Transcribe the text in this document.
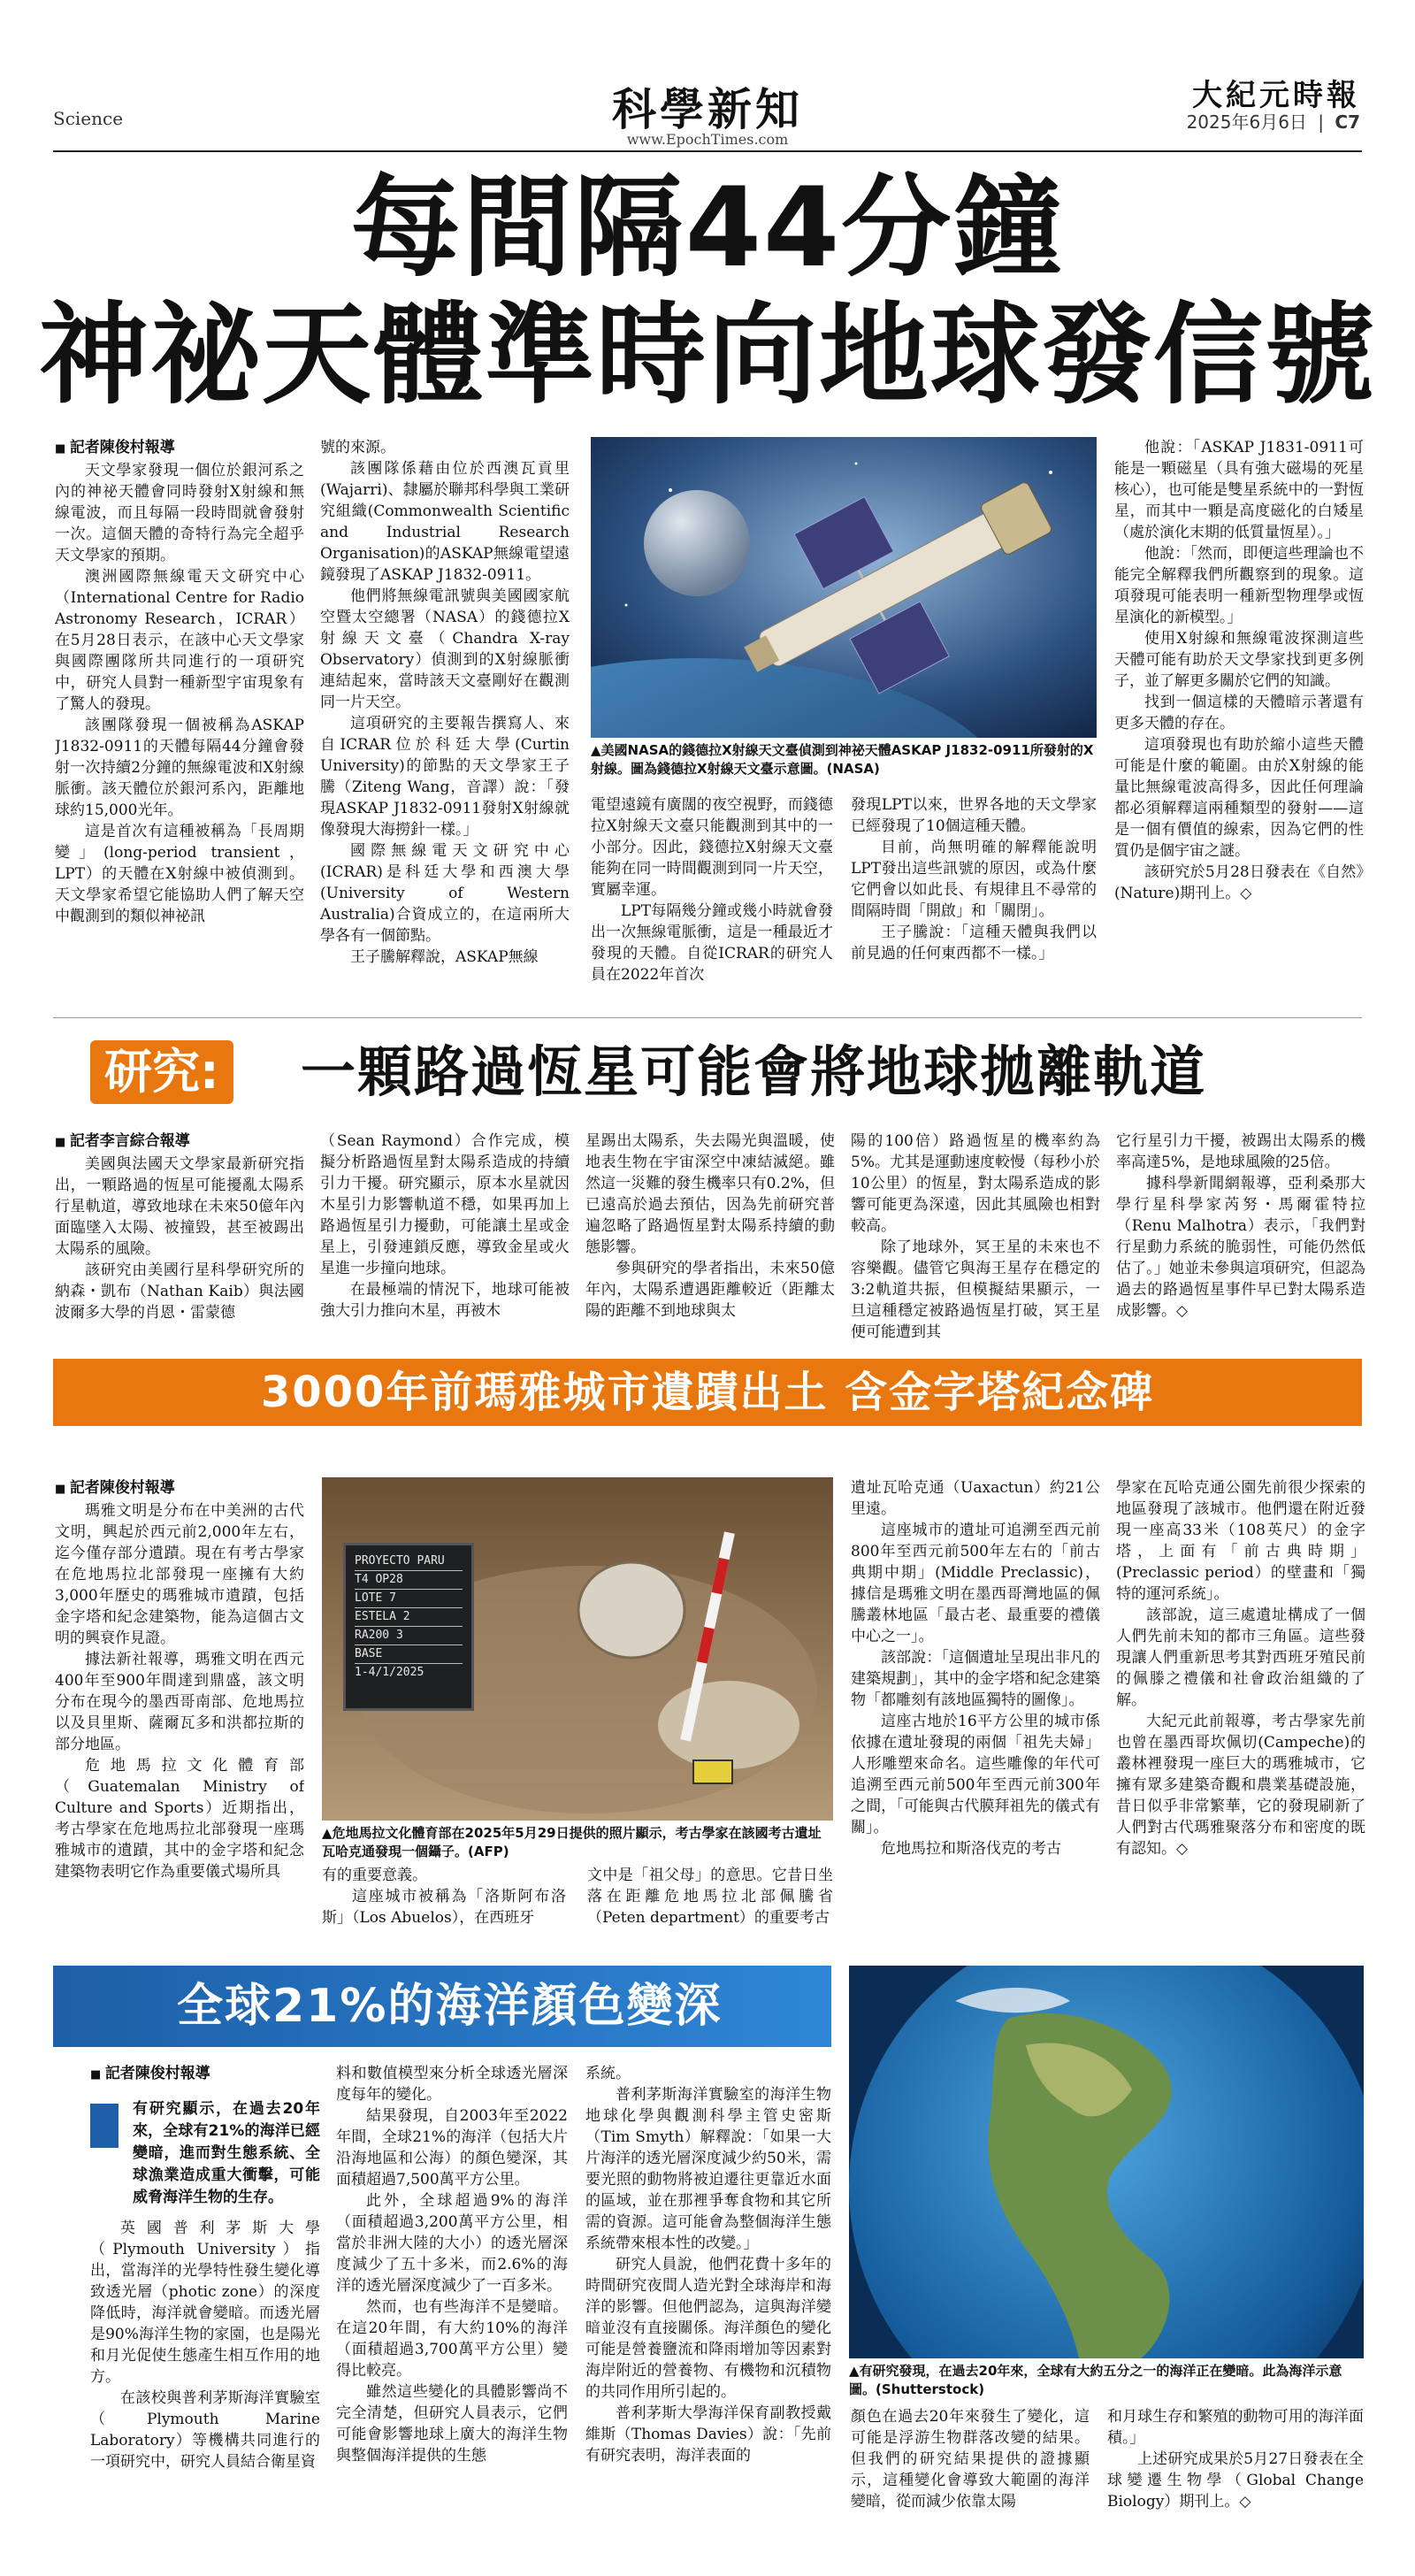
Science	科學新知
www.EpochTimes.com
大紀元時報
2025年6月6日 | C7
每間隔44分鐘
神祕天體準時向地球發信號

■ 記者陳俊村報導

天文學家發現一個位於銀河系之內的神祕天體會同時發射X射線和無線電波，而且每隔一段時間就會發射一次。這個天體的奇特行為完全超乎天文學家的預期。

澳洲國際無線電天文研究中心（International Centre for Radio Astronomy Research，ICRAR）在5月28日表示，在該中心天文學家與國際團隊所共同進行的一項研究中，研究人員對一種新型宇宙現象有了驚人的發現。

該團隊發現一個被稱為ASKAP J1832-0911的天體每隔44分鐘會發射一次持續2分鐘的無線電波和X射線脈衝。該天體位於銀河系內，距離地球約15,000光年。

這是首次有這種被稱為「長周期變」(long-period transient，LPT）的天體在X射線中被偵測到。天文學家希望它能協助人們了解天空中觀測到的類似神祕訊

號的來源。

該團隊係藉由位於西澳瓦貢里(Wajarri)、隸屬於聯邦科學與工業研究組織(Commonwealth Scientific and Industrial Research Organisation)的ASKAP無線電望遠鏡發現了ASKAP J1832-0911。

他們將無線電訊號與美國國家航空暨太空總署（NASA）的錢德拉X射線天文臺（Chandra X-ray Observatory）偵測到的X射線脈衝連結起來，當時該天文臺剛好在觀測同一片天空。

這項研究的主要報告撰寫人、來自ICRAR位於科廷大學(Curtin University)的節點的天文學家王子騰（Ziteng Wang，音譯）說：「發現ASKAP J1832-0911發射X射線就像發現大海撈針一樣。」

國際無線電天文研究中心(ICRAR)是科廷大學和西澳大學(University of Western Australia)合資成立的，在這兩所大學各有一個節點。

王子騰解釋說，ASKAP無線

▲ 美國NASA的錢德拉X射線天文臺偵測到神祕天體ASKAP J1832-0911所發射的X射線。圖為錢德拉X射線天文臺示意圖。(NASA)

電望遠鏡有廣闊的夜空視野，而錢德拉X射線天文臺只能觀測到其中的一小部分。因此，錢德拉X射線天文臺能夠在同一時間觀測到同一片天空，實屬幸運。

LPT每隔幾分鐘或幾小時就會發出一次無線電脈衝，這是一種最近才發現的天體。自從ICRAR的研究人員在2022年首次

發現LPT以來，世界各地的天文學家已經發現了10個這種天體。

目前，尚無明確的解釋能說明LPT發出這些訊號的原因，或為什麼它們會以如此長、有規律且不尋常的間隔時間「開啟」和「關閉」。

王子騰說：「這種天體與我們以前見過的任何東西都不一樣。」

他說：「ASKAP J1831-0911可能是一顆磁星（具有強大磁場的死星核心），也可能是雙星系統中的一對恆星，而其中一顆是高度磁化的白矮星（處於演化末期的低質量恆星）。」

他說：「然而，即便這些理論也不能完全解釋我們所觀察到的現象。這項發現可能表明一種新型物理學或恆星演化的新模型。」

使用X射線和無線電波探測這些天體可能有助於天文學家找到更多例子，並了解更多關於它們的知識。

找到一個這樣的天體暗示著還有更多天體的存在。

這項發現也有助於縮小這些天體可能是什麼的範圍。由於X射線的能量比無線電波高得多，因此任何理論都必須解釋這兩種類型的發射——這是一個有價值的線索，因為它們的性質仍是個宇宙之謎。

該研究於5月28日發表在《自然》(Nature)期刊上。◇

研究: 一顆路過恆星可能會將地球拋離軌道

■ 記者李言綜合報導

美國與法國天文學家最新研究指出，一顆路過的恆星可能擾亂太陽系行星軌道，導致地球在未來50億年內面臨墜入太陽、被撞毀，甚至被踢出太陽系的風險。

該研究由美國行星科學研究所的納森・凱布（Nathan Kaib）與法國波爾多大學的肖恩・雷蒙德

（Sean Raymond）合作完成，模擬分析路過恆星對太陽系造成的持續引力干擾。研究顯示，原本水星就因木星引力影響軌道不穩，如果再加上路過恆星引力擾動，可能讓土星或金星上，引發連鎖反應，導致金星或火星進一步撞向地球。

在最極端的情況下，地球可能被強大引力推向木星，再被木

星踢出太陽系，失去陽光與溫暖，使地表生物在宇宙深空中凍結滅絕。雖然這一災難的發生機率只有0.2%，但已遠高於過去預估，因為先前研究普遍忽略了路過恆星對太陽系持續的動態影響。

參與研究的學者指出，未來50億年內，太陽系遭遇距離較近（距離太陽的距離不到地球與太

陽的100倍）路過恆星的機率約為5%。尤其是運動速度較慢（每秒小於10公里）的恆星，對太陽系造成的影響可能更為深遠，因此其風險也相對較高。

除了地球外，冥王星的未來也不容樂觀。儘管它與海王星存在穩定的3:2軌道共振，但模擬結果顯示，一旦這種穩定被路過恆星打破，冥王星便可能遭到其

它行星引力干擾，被踢出太陽系的機率高達5%，是地球風險的25倍。

據科學新聞網報導，亞利桑那大學行星科學家芮努・馬爾霍特拉（Renu Malhotra）表示，「我們對行星動力系統的脆弱性，可能仍然低估了。」她並未參與這項研究，但認為過去的路過恆星事件早已對太陽系造成影響。◇

3000年前瑪雅城市遺蹟出土 含金字塔紀念碑

■ 記者陳俊村報導

瑪雅文明是分布在中美洲的古代文明，興起於西元前2,000年左右，迄今僅存部分遺蹟。現在有考古學家在危地馬拉北部發現一座擁有大約3,000年歷史的瑪雅城市遺蹟，包括金字塔和紀念建築物，能為這個古文明的興衰作見證。

據法新社報導，瑪雅文明在西元400年至900年間達到鼎盛，該文明分布在現今的墨西哥南部、危地馬拉以及貝里斯、薩爾瓦多和洪都拉斯的部分地區。

危地馬拉文化體育部（Guatemalan Ministry of Culture and Sports）近期指出，考古學家在危地馬拉北部發現一座瑪雅城市的遺蹟，其中的金字塔和紀念建築物表明它作為重要儀式場所具

PROYECTO PARU
T4 OP28
LOTE 7
ESTELA 2
RA200 3
BASE
1-4/1/2025
▲ 危地馬拉文化體育部在2025年5月29日提供的照片顯示，考古學家在該國考古遺址瓦哈克通發現一個鑷子。(AFP)

有的重要意義。

這座城市被稱為「洛斯阿布洛斯」（Los Abuelos），在西班牙

文中是「祖父母」的意思。它昔日坐落在距離危地馬拉北部佩騰省（Peten department）的重要考古

遺址瓦哈克通（Uaxactun）約21公里遠。

這座城市的遺址可追溯至西元前800年至西元前500年左右的「前古典期中期」(Middle Preclassic)，據信是瑪雅文明在墨西哥灣地區的佩騰叢林地區「最古老、最重要的禮儀中心之一」。

該部說：「這個遺址呈現出非凡的建築規劃」，其中的金字塔和紀念建築物「都雕刻有該地區獨特的圖像」。

這座古地於16平方公里的城市係依據在遺址發現的兩個「祖先夫婦」人形雕塑來命名。這些雕像的年代可追溯至西元前500年至西元前300年之間，「可能與古代膜拜祖先的儀式有關」。

危地馬拉和斯洛伐克的考古

學家在瓦哈克通公園先前很少探索的地區發現了該城市。他們還在附近發現一座高33米（108英尺）的金字塔，上面有「前古典時期」(Preclassic period）的壁畫和「獨特的運河系統」。

該部說，這三處遺址構成了一個人們先前未知的都市三角區。這些發現讓人們重新思考其對西班牙殖民前的佩滕之禮儀和社會政治組織的了解。

大紀元此前報導，考古學家先前也曾在墨西哥坎佩切(Campeche)的叢林裡發現一座巨大的瑪雅城市，它擁有眾多建築奇觀和農業基礎設施，昔日似乎非常繁華，它的發現刷新了人們對古代瑪雅聚落分布和密度的既有認知。◇

全球21%的海洋顏色變深
▲ 有研究發現，在過去20年來，全球有大約五分之一的海洋正在變暗。此為海洋示意圖。(Shutterstock)

■ 記者陳俊村報導

有研究顯示，在過去20年來，全球有21%的海洋已經變暗，進而對生態系統、全球漁業造成重大衝擊，可能威脅海洋生物的生存。

英國普利茅斯大學（Plymouth University）指出，當海洋的光學特性發生變化導致透光層（photic zone）的深度降低時，海洋就會變暗。而透光層是90%海洋生物的家園，也是陽光和月光促使生態產生相互作用的地方。

在該校與普利茅斯海洋實驗室（Plymouth Marine Laboratory）等機構共同進行的一項研究中，研究人員結合衛星資

料和數值模型來分析全球透光層深度每年的變化。

結果發現，自2003年至2022年間，全球21%的海洋（包括大片沿海地區和公海）的顏色變深，其面積超過7,500萬平方公里。

此外，全球超過9%的海洋（面積超過3,200萬平方公里，相當於非洲大陸的大小）的透光層深度減少了五十多米，而2.6%的海洋的透光層深度減少了一百多米。

然而，也有些海洋不是變暗。在這20年間，有大約10%的海洋（面積超過3,700萬平方公里）變得比較亮。

雖然這些變化的具體影響尚不完全清楚，但研究人員表示，它們可能會影響地球上廣大的海洋生物與整個海洋提供的生態

系統。

普利茅斯海洋實驗室的海洋生物地球化學與觀測科學主管史密斯（Tim Smyth）解釋說：「如果一大片海洋的透光層深度減少約50米，需要光照的動物將被迫遷往更靠近水面的區域，並在那裡爭奪食物和其它所需的資源。這可能會為整個海洋生態系統帶來根本性的改變。」

研究人員說，他們花費十多年的時間研究夜間人造光對全球海岸和海洋的影響。但他們認為，這與海洋變暗並沒有直接關係。海洋顏色的變化可能是營養鹽流和降雨增加等因素對海岸附近的營養物、有機物和沉積物的共同作用所引起的。

普利茅斯大學海洋保育副教授戴維斯（Thomas Davies）說：「先前有研究表明，海洋表面的

顏色在過去20年來發生了變化，這可能是浮游生物群落改變的結果。但我們的研究結果提供的證據顯示，這種變化會導致大範圍的海洋變暗，從而減少依靠太陽

和月球生存和繁殖的動物可用的海洋面積。」

上述研究成果於5月27日發表在全球變遷生物學（Global Change Biology）期刊上。◇
